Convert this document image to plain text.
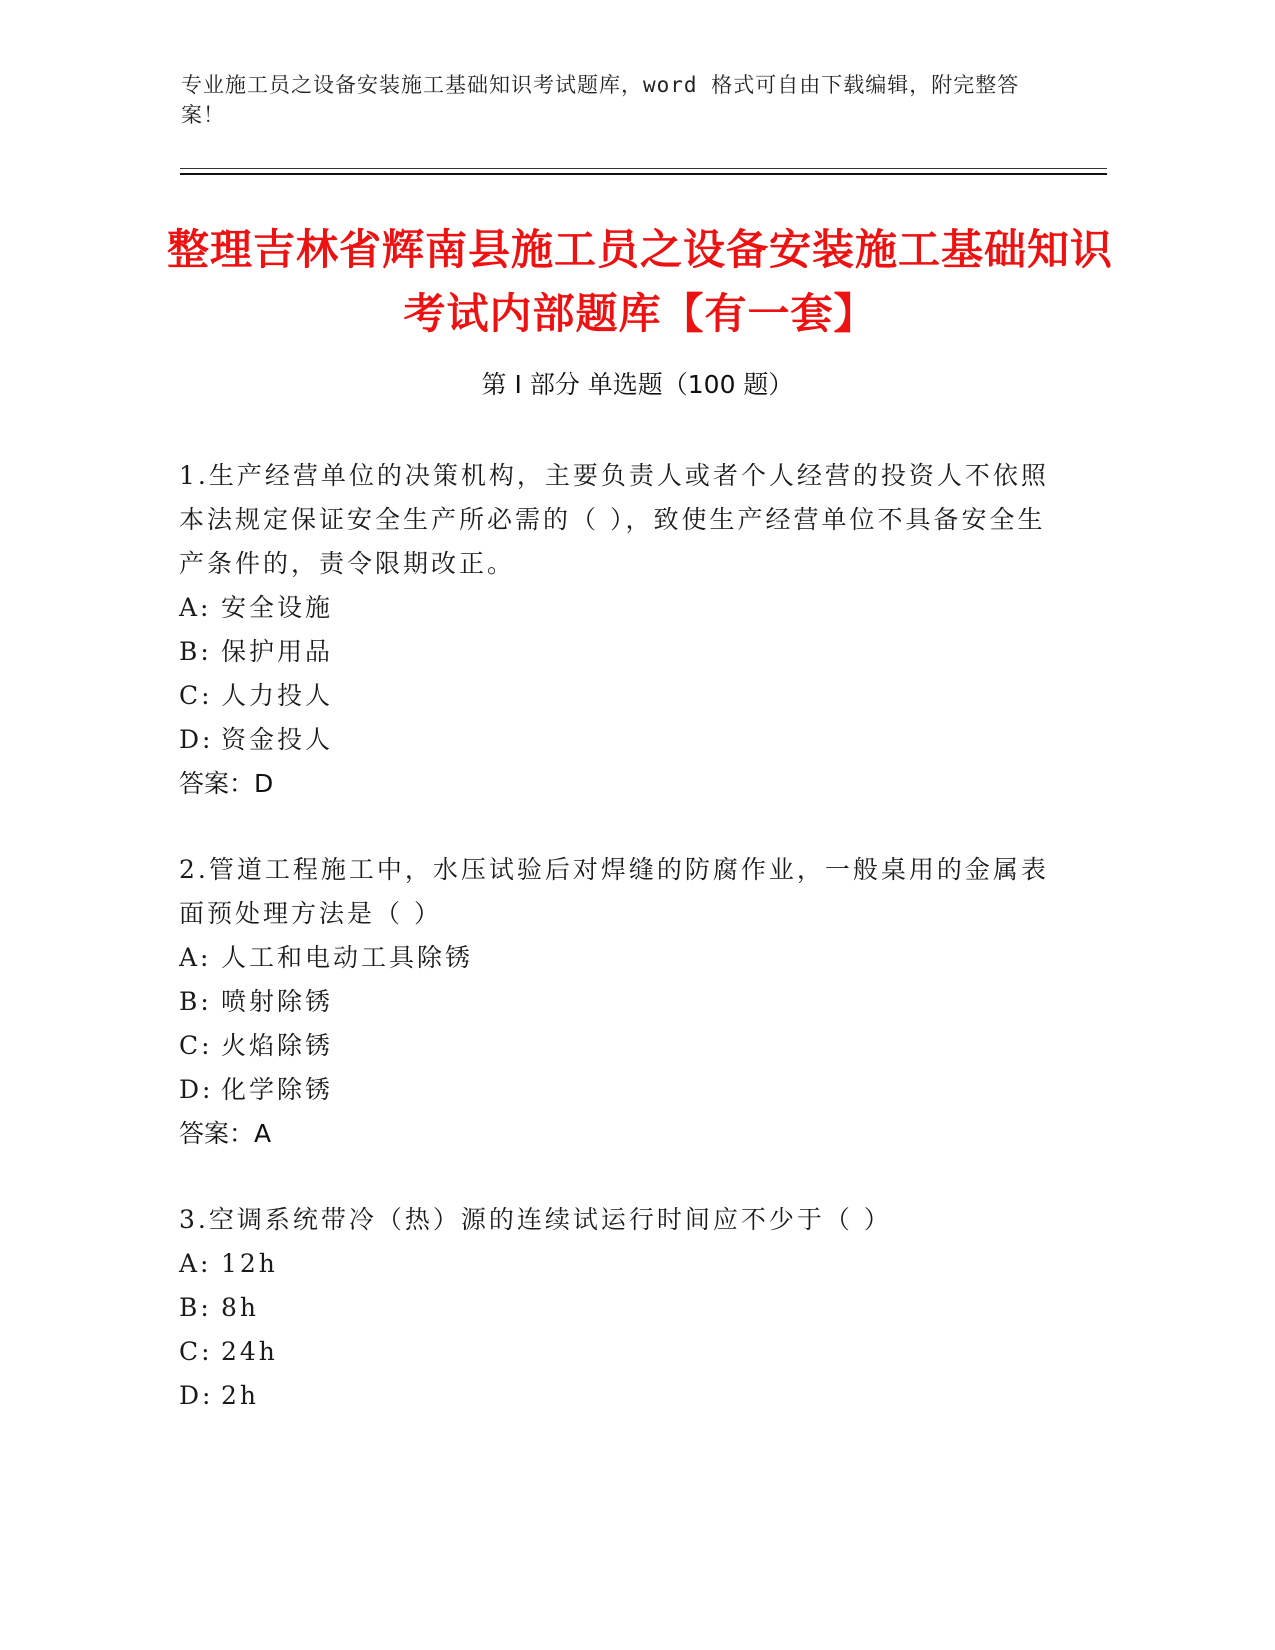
专业施工员之设备安装施工基础知识考试题库，word 格式可自由下载编辑，附完整答案！
整理吉林省辉南县施工员之设备安装施工基础知识考试内部题库【有一套】
第 I 部分 单选题（100 题）

1.生产经营单位的决策机构，主要负责人或者个人经营的投资人不依照本法规定保证安全生产所必需的（ ），致使生产经营单位不具备安全生产条件的，责令限期改正。

A: 安全设施

B: 保护用品

C: 人力投人

D: 资金投人

答案：D

2.管道工程施工中，水压试验后对焊缝的防腐作业，一般桌用的金属表面预处理方法是（ ）

A: 人工和电动工具除锈

B: 喷射除锈

C: 火焰除锈

D: 化学除锈

答案：A

3.空调系统带冷（热）源的连续试运行时间应不少于（ ）

A: 12h

B: 8h

C: 24h

D: 2h
